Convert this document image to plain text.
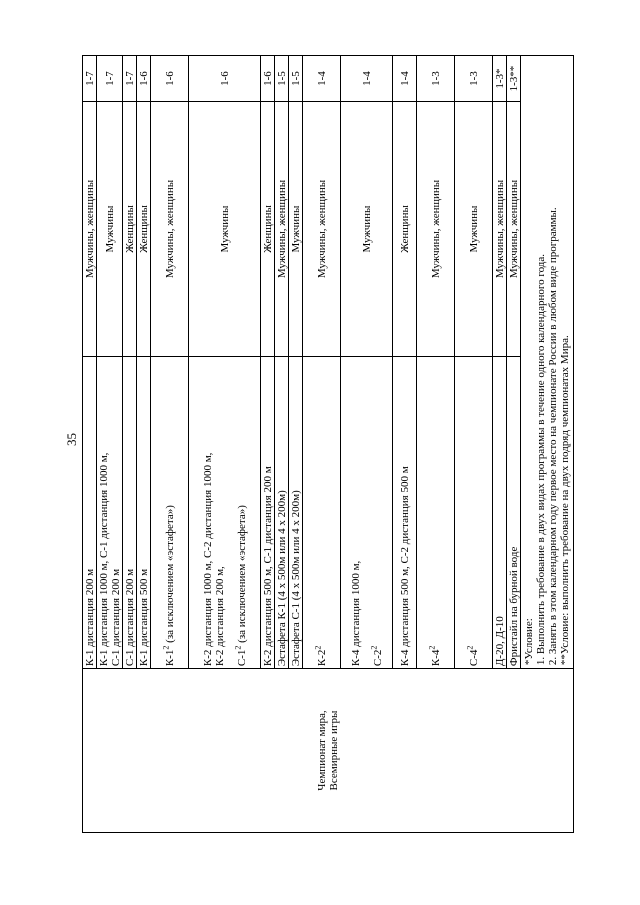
35
Чемпионат мира,
Всемирные игры	К-1 дистанция 200 м	Мужчины, женщины	1-7

	К-1 дистанция 1000 м, С-1 дистанция 1000 м, С-1 дистанция 200 м	Мужчины	1-7
	С-1 дистанция 200 м	Женщины	1-7
	К-1 дистанция 500 м	Женщины	1-6
	$К-1^2$ (за исключением «эстафета»)	Мужчины, женщины	1-6

	К-2 дистанция 1000 м, С-2 дистанция 1000 м, К-2 дистанция 200 м, $С-1^2$ (за исключением «эстафета»)	Мужчины	1-6
	К-2 дистанция 500 м, С-1 дистанция 200 м	Женщины	1-6
	Эстафета К-1 (4 х 500м или 4 х 200м)	Мужчины, женщины	1-5
	Эстафета С-1 (4 х 500м или 4 х 200м)	Мужчины	1-5
	$К-2^2$	Мужчины, женщины	1-4

	К-4 дистанция 1000 м, $С-2^2$	Мужчины	1-4
	К-4 дистанция 500 м, С-2 дистанция 500 м	Женщины	1-4
	$К-4^2$	Мужчины, женщины	1-3
	$С-4^2$	Мужчины	1-3
	Д-20, Д-10	Мужчины, женщины	1-3*
	Фристайл на бурной воде	Мужчины, женщины	1-3**

	*Условие: 1. Выполнить требование в двух видах программы в течение одного календарного года. 2. Занять в этом календарном году первое место на чемпионате России в любом виде программы. **Условие: выполнить требование на двух подряд чемпионатах Мира.		
